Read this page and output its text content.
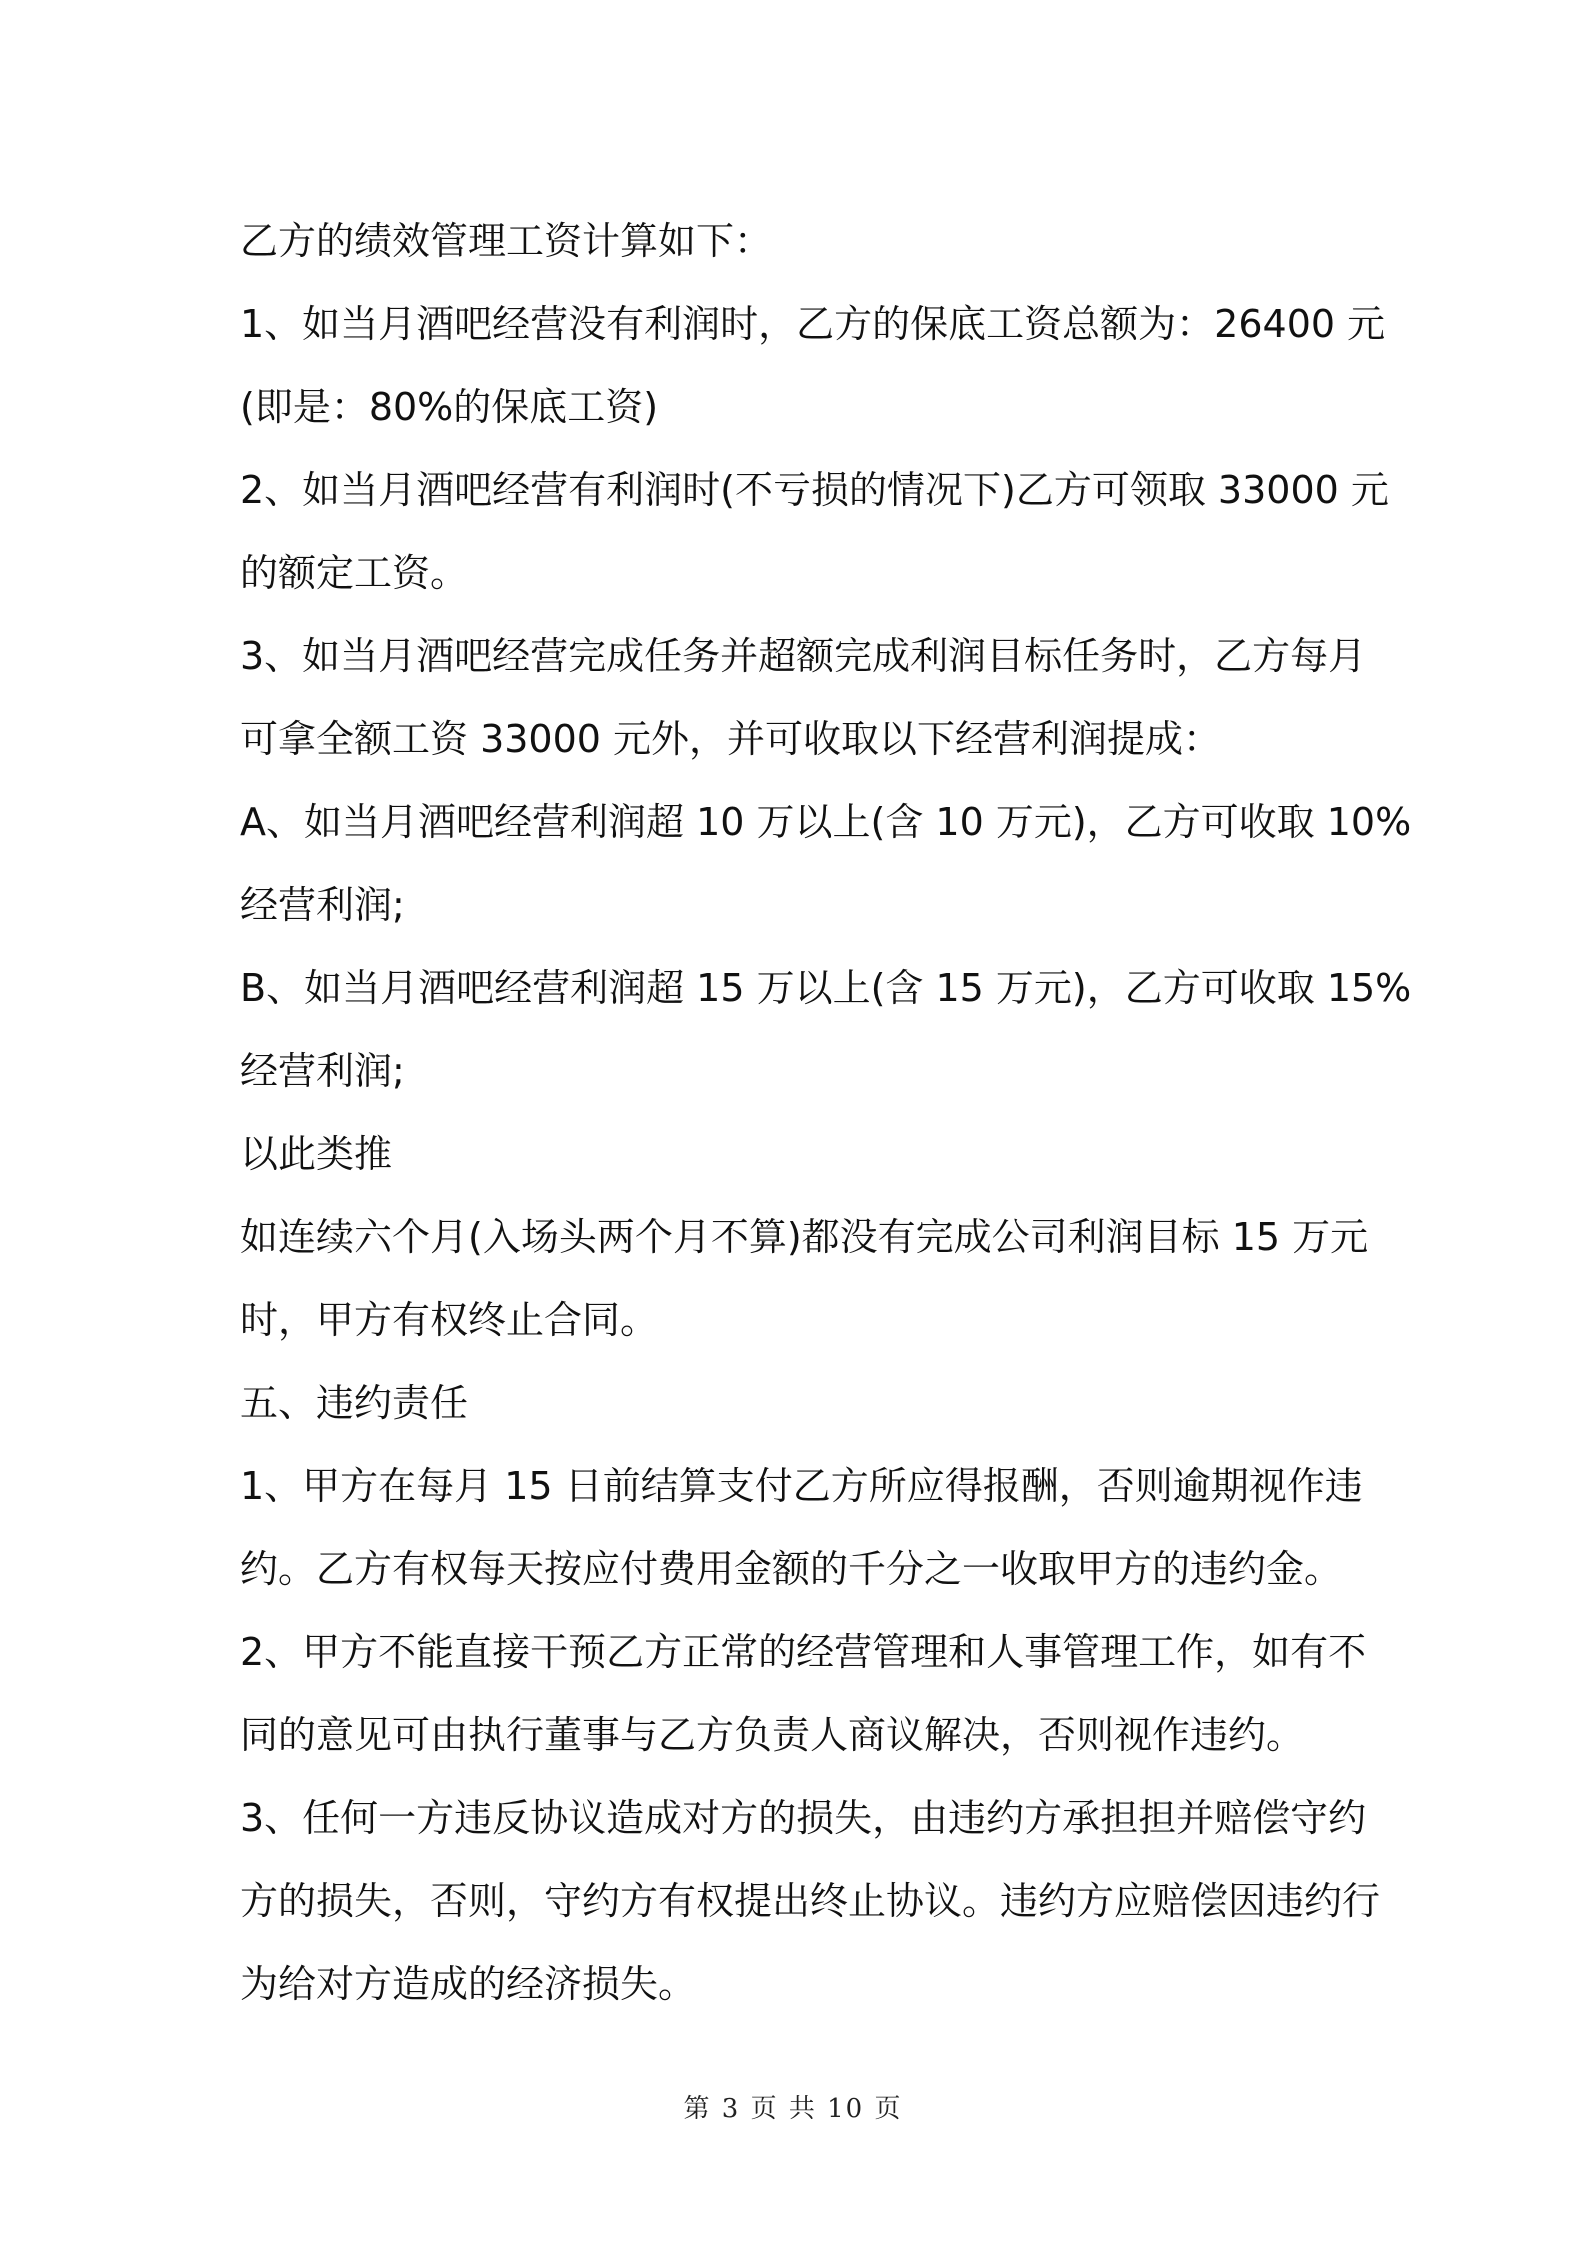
乙方的绩效管理工资计算如下：
1、如当月酒吧经营没有利润时，乙方的保底工资总额为：26400 元
(即是：80%的保底工资)
2、如当月酒吧经营有利润时(不亏损的情况下)乙方可领取 33000 元
的额定工资。
3、如当月酒吧经营完成任务并超额完成利润目标任务时，乙方每月
可拿全额工资 33000 元外，并可收取以下经营利润提成：
A、如当月酒吧经营利润超 10 万以上(含 10 万元)，乙方可收取 10%
经营利润;
B、如当月酒吧经营利润超 15 万以上(含 15 万元)，乙方可收取 15%
经营利润;
以此类推
如连续六个月(入场头两个月不算)都没有完成公司利润目标 15 万元
时，甲方有权终止合同。
五、违约责任
1、甲方在每月 15 日前结算支付乙方所应得报酬，否则逾期视作违
约。乙方有权每天按应付费用金额的千分之一收取甲方的违约金。
2、甲方不能直接干预乙方正常的经营管理和人事管理工作，如有不
同的意见可由执行董事与乙方负责人商议解决，否则视作违约。
3、任何一方违反协议造成对方的损失，由违约方承担担并赔偿守约
方的损失，否则，守约方有权提出终止协议。违约方应赔偿因违约行
为给对方造成的经济损失。
第 3 页 共 10 页
